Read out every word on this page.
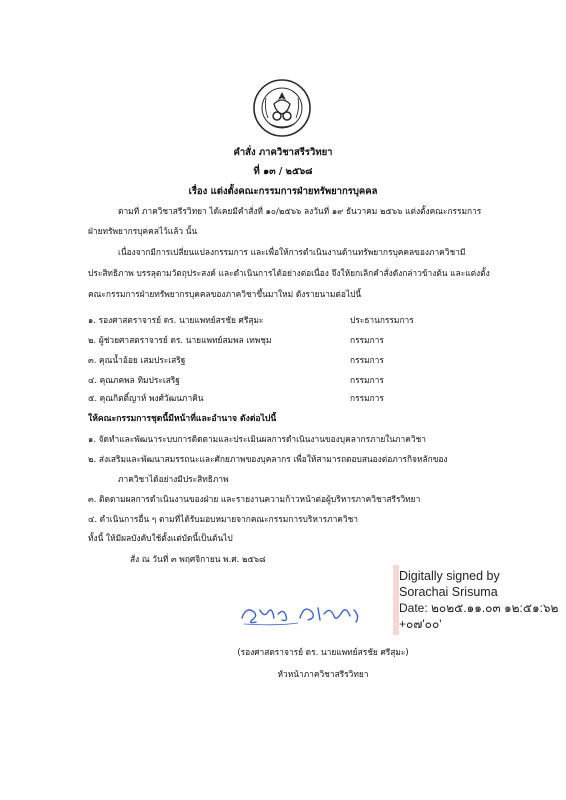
คำสั่ง ภาควิชาสรีรวิทยา
ที่ ๑๓ / ๒๕๖๘
เรื่อง แต่งตั้งคณะกรรมการฝ่ายทรัพยากรบุคคล
ตามที่ ภาควิชาสรีรวิทยา ได้เคยมีคำสั่งที่ ๑๐/๒๕๖๖ ลงวันที่ ๑๙ ธันวาคม ๒๕๖๖ แต่งตั้งคณะกรรมการ
ฝ่ายทรัพยากรบุคคลไว้แล้ว นั้น
เนื่องจากมีการเปลี่ยนแปลงกรรมการ และเพื่อให้การดำเนินงานด้านทรัพยากรบุคคลของภาควิชามี
ประสิทธิภาพ บรรลุตามวัตถุประสงค์ และดำเนินการได้อย่างต่อเนื่อง จึงให้ยกเลิกคำสั่งดังกล่าวข้างต้น และแต่งตั้ง
คณะกรรมการฝ่ายทรัพยากรบุคคลของภาควิชาขึ้นมาใหม่ ดังรายนามต่อไปนี้
๑. รองศาสตราจารย์ ดร. นายแพทย์สรชัย ศรีสุมะ	ประธานกรรมการ
๒. ผู้ช่วยศาสตราจารย์ ดร. นายแพทย์สมพล เทพชุม	กรรมการ
๓. คุณน้ำอ้อย เสมประเสริฐ	กรรมการ
๔. คุณภคพล ทิมประเสริฐ	กรรมการ
๕. คุณกิตติ์ญาห์ พงศ์วัฒนภาคิน	กรรมการ
ให้คณะกรรมการชุดนี้มีหน้าที่และอำนาจ ดังต่อไปนี้
๑. จัดทำและพัฒนาระบบการติดตามและประเมินผลการดำเนินงานของบุคลากรภายในภาควิชา
๒. ส่งเสริมและพัฒนาสมรรถนะและศักยภาพของบุคลากร เพื่อให้สามารถตอบสนองต่อภารกิจหลักของ
ภาควิชาได้อย่างมีประสิทธิภาพ
๓. ติดตามผลการดำเนินงานของฝ่าย และรายงานความก้าวหน้าต่อผู้บริหารภาควิชาสรีรวิทยา
๔. ดำเนินการอื่น ๆ ตามที่ได้รับมอบหมายจากคณะกรรมการบริหารภาควิชา
ทั้งนี้ ให้มีผลบังคับใช้ตั้งแต่บัดนี้เป็นต้นไป
สั่ง ณ วันที่ ๓ พฤศจิกายน พ.ศ. ๒๕๖๘
Digitally signed by
Sorachai Srisuma
Date: ๒๐๒๕.๑๑.๐๓ ๑๒:๕๑:๖๒
+๐๗'๐๐'
(รองศาสตราจารย์ ดร. นายแพทย์สรชัย ศรีสุมะ)
หัวหน้าภาควิชาสรีรวิทยา
